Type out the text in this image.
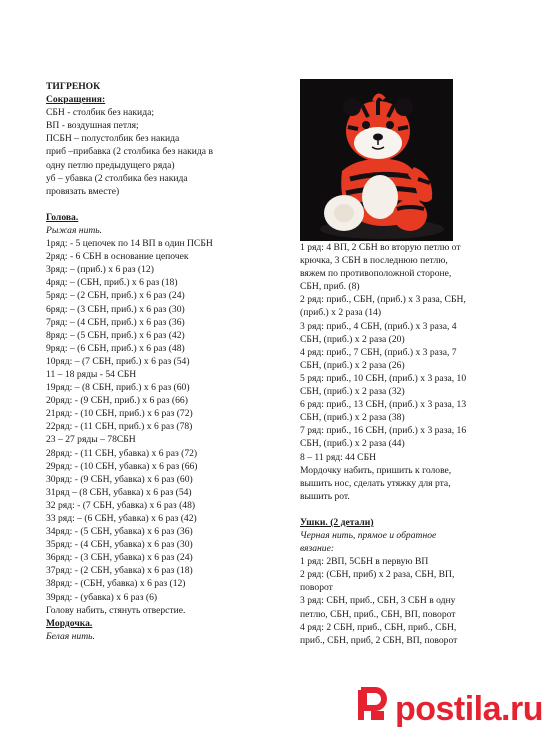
ТИГРЕНОК
Сокращения:
СБН - столбик без накида;
ВП - воздушная петля;
ПСБН – полустолбик без накида
приб –прибавка (2 столбика без накида в
одну петлю предыдущего ряда)
уб – убавка (2 столбика без накида
провязать вместе)
Голова.
Рыжая нить.
1ряд: - 5 цепочек по 14 ВП в один ПСБН
2ряд: - 6 СБН в основание цепочек
3ряд: – (приб.) х 6 раз (12)
4ряд: – (СБН, приб.) х 6 раз (18)
5ряд: – (2 СБН, приб.) х 6 раз (24)
6ряд: – (3 СБН, приб.) х 6 раз (30)
7ряд: – (4 СБН, приб.) х 6 раз (36)
8ряд: – (5 СБН, приб.) х 6 раз (42)
9ряд: – (6 СБН, приб.) х 6 раз (48)
10ряд: – (7 СБН, приб.) х 6 раз (54)
11 – 18 ряды - 54 СБН
19ряд: – (8 СБН, приб.) х 6 раз (60)
20ряд: - (9 СБН, приб.) х 6 раз (66)
21ряд: - (10 СБН, приб.) х 6 раз (72)
22ряд: - (11 СБН, приб.) х 6 раз (78)
23 – 27 ряды – 78СБН
28ряд: - (11 СБН, убавка) х 6 раз (72)
29ряд: - (10 СБН, убавка) х 6 раз (66)
30ряд: - (9 СБН, убавка) х 6 раз (60)
31ряд – (8 СБН, убавка) х 6 раз (54)
32 ряд: - (7 СБН, убавка) х 6 раз (48)
33 ряд: – (6 СБН, убавка) х 6 раз (42)
34ряд: - (5 СБН, убавка) х 6 раз (36)
35ряд: - (4 СБН, убавка) х 6 раз (30)
36ряд: - (3 СБН, убавка) х 6 раз (24)
37ряд: - (2 СБН, убавка) х 6 раз (18)
38ряд: - (СБН, убавка) х 6 раз (12)
39ряд: - (убавка) х 6 раз (6)
Голову набить, стянуть отверстие.
Мордочка.
Белая нить.
1 ряд: 4 ВП, 2 СБН во вторую петлю от
крючка, 3 СБН в последнюю петлю,
вяжем по противоположной стороне,
СБН, приб. (8)
2 ряд: приб., СБН, (приб.) х 3 раза, СБН,
(приб.) х 2 раза (14)
3 ряд: приб., 4 СБН, (приб.) х 3 раза, 4
СБН, (приб.) х 2 раза (20)
4 ряд: приб., 7 СБН, (приб.) х 3 раза, 7
СБН, (приб.) х 2 раза (26)
5 ряд: приб., 10 СБН, (приб.) х 3 раза, 10
СБН, (приб.) х 2 раза (32)
6 ряд: приб., 13 СБН, (приб.) х 3 раза, 13
СБН, (приб.) х 2 раза (38)
7 ряд: приб., 16 СБН, (приб.) х 3 раза, 16
СБН, (приб.) х 2 раза (44)
8 – 11 ряд: 44 СБН
Мордочку набить, пришить к голове,
вышить нос, сделать утяжку для рта,
вышить рот.
Ушки. (2 детали)
Черная нить, прямое и обратное
вязание:
1 ряд: 2ВП, 5СБН в первую ВП
2 ряд: (СБН, приб) х 2 раза, СБН, ВП,
поворот
3 ряд: СБН, приб., СБН, 3 СБН в одну
петлю, СБН, приб., СБН, ВП, поворот
4 ряд: 2 СБН, приб., СБН, приб., СБН,
приб., СБН, приб, 2 СБН, ВП, поворот
postila.ru
